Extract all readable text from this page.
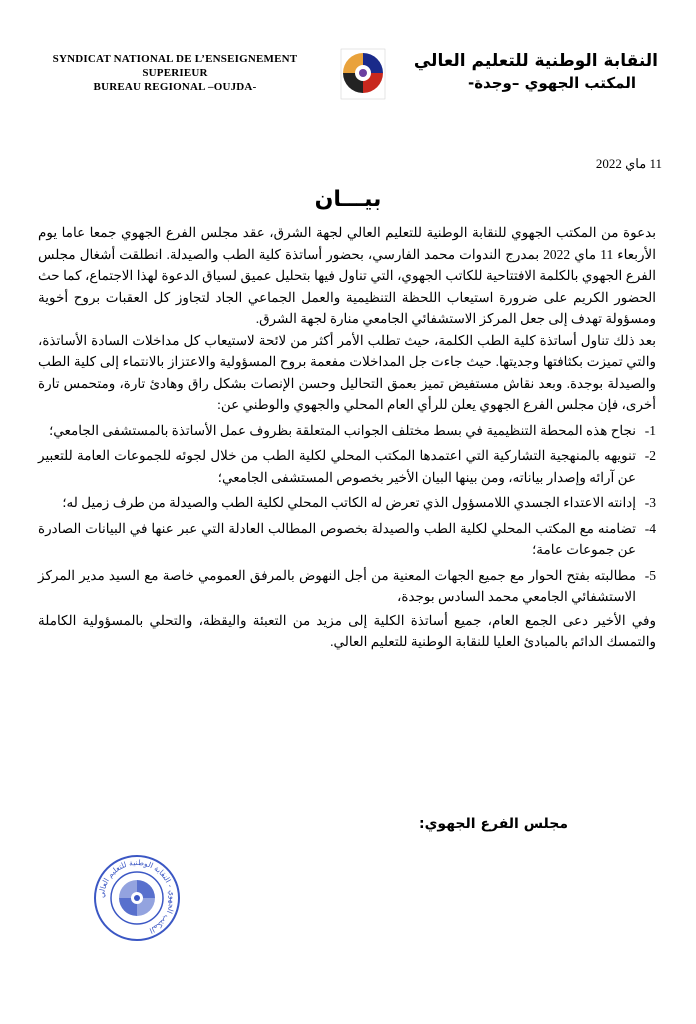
SYNDICAT NATIONAL DE L’ENSEIGNEMENT
SUPERIEUR
BUREAU REGIONAL –OUJDA-
النقابة الوطنية للتعليم العالي
المكتب الجهوي –وجدة-
11 ماي 2022
بيـــان

بدعوة من المكتب الجهوي للنقابة الوطنية للتعليم العالي لجهة الشرق، عقد مجلس الفرع الجهوي جمعا عاما يوم الأربعاء 11 ماي 2022 بمدرج الندوات محمد الفارسي، بحضور أساتذة كلية الطب والصيدلة. انطلقت أشغال مجلس الفرع الجهوي بالكلمة الافتتاحية للكاتب الجهوي، التي تناول فيها بتحليل عميق لسياق الدعوة لهذا الاجتماع، كما حث الحضور الكريم على ضرورة استيعاب اللحظة التنظيمية والعمل الجماعي الجاد لتجاوز كل العقبات بروح أخوية ومسؤولة تهدف إلى جعل المركز الاستشفائي الجامعي منارة لجهة الشرق.

بعد ذلك تناول أساتذة كلية الطب الكلمة، حيث تطلب الأمر أكثر من لائحة لاستيعاب كل مداخلات السادة الأساتذة، والتي تميزت بكثافتها وجديتها. حيث جاءت جل المداخلات مفعمة بروح المسؤولية والاعتزاز بالانتماء إلى كلية الطب والصيدلة بوجدة. وبعد نقاش مستفيض تميز بعمق التحاليل وحسن الإنصات بشكل راق وهادئ تارة، ومتحمس تارة أخرى، فإن مجلس الفرع الجهوي يعلن للرأي العام المحلي والجهوي والوطني عن:

1-
نجاح هذه المحطة التنظيمية في بسط مختلف الجوانب المتعلقة بظروف عمل الأساتذة بالمستشفى الجامعي؛
2-
تنويهه بالمنهجية التشاركية التي اعتمدها المكتب المحلي لكلية الطب من خلال لجوئه للجموعات العامة للتعبير عن آرائه وإصدار بياناته، ومن بينها البيان الأخير بخصوص المستشفى الجامعي؛
3-
إدانته الاعتداء الجسدي اللامسؤول الذي تعرض له الكاتب المحلي لكلية الطب والصيدلة من طرف زميل له؛
4-
تضامنه مع المكتب المحلي لكلية الطب والصيدلة بخصوص المطالب العادلة التي عبر عنها في البيانات الصادرة عن جموعات عامة؛
5-
مطالبته بفتح الحوار مع جميع الجهات المعنية من أجل النهوض بالمرفق العمومي خاصة مع السيد مدير المركز الاستشفائي الجامعي محمد السادس بوجدة،

وفي الأخير دعى الجمع العام، جميع أساتذة الكلية إلى مزيد من التعبئة واليقظة، والتحلي بالمسؤولية الكاملة والتمسك الدائم بالمبادئ العليا للنقابة الوطنية للتعليم العالي.

مجلس الفرع الجهوي:
المكتب الجهوي - النقابة الوطنية للتعليم العالي
